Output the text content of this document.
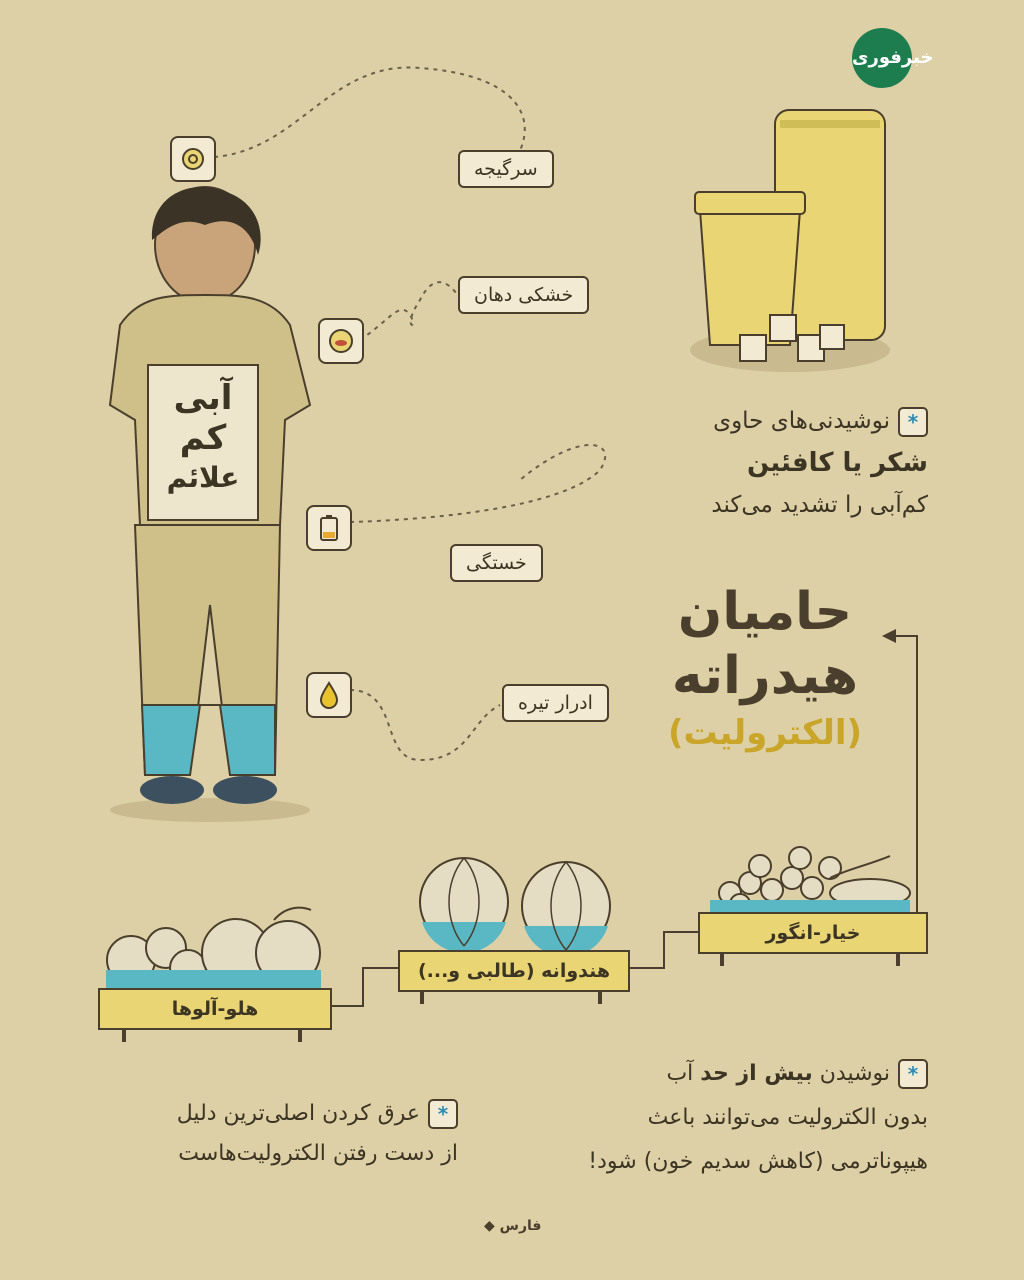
خبرفوری
آبی
کم
علائم
سرگیجه
خشکی دهان
خستگی
ادرار تیره
*نوشیدنی‌های حاوی
شکر یا کافئین
کم‌آبی را تشدید می‌کند
حامیان
هیدراته
(الکترولیت)
خیار-انگور
هندوانه (طالبی و...)
هلو-آلوها
*نوشیدن بیش از حد آب
بدون الکترولیت می‌توانند باعث
هیپوناترمی (کاهش سدیم خون) شود!
*عرق کردن اصلی‌ترین دلیل
از دست رفتن الکترولیت‌هاست
فارس ◆
